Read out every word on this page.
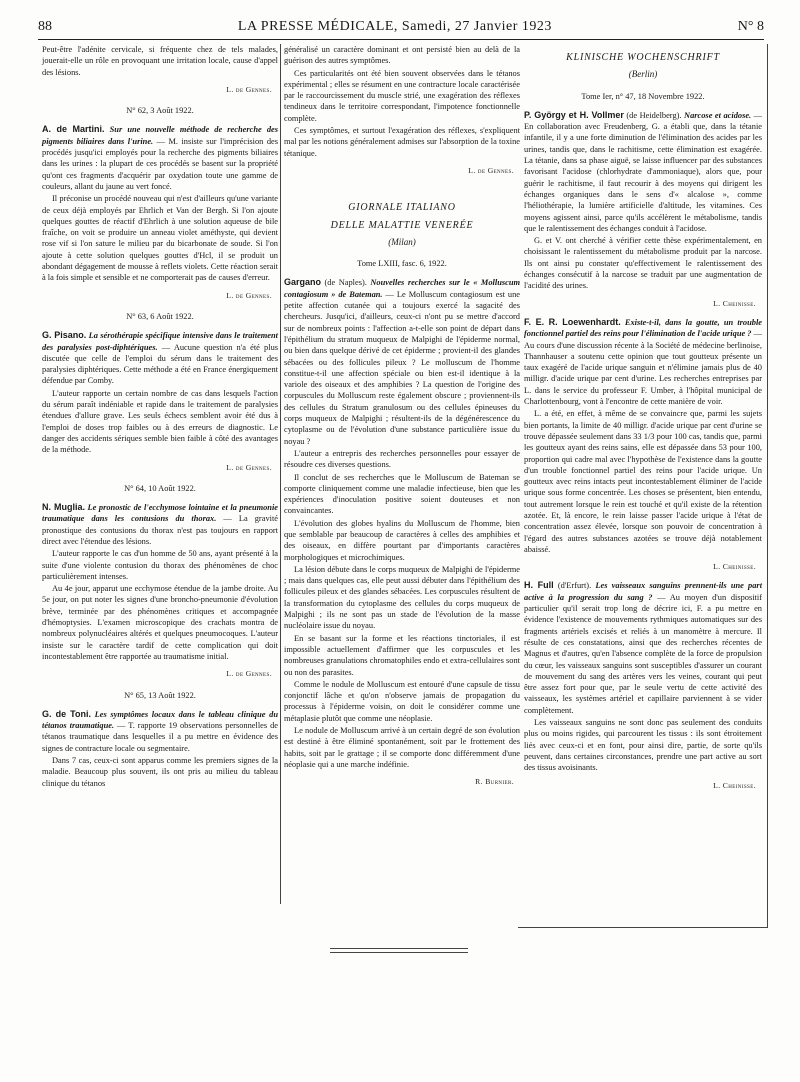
88	LA PRESSE MÉDICALE, Samedi, 27 Janvier 1923	N° 8

Peut-être l'adénite cervicale, si fréquente chez de tels malades, jouerait-elle un rôle en provoquant une irritation locale, cause d'appel des lésions.

L. de Gennes.

N° 62, 3 Août 1922.

A. de Martini. Sur une nouvelle méthode de recherche des pigments biliaires dans l'urine. — M. insiste sur l'imprécision des procédés jusqu'ici employés pour la recherche des pigments biliaires dans les urines : la plupart de ces procédés se basent sur la propriété qu'ont ces fragments d'acquérir par oxydation toute une gamme de couleurs, allant du jaune au vert foncé.

Il préconise un procédé nouveau qui n'est d'ailleurs qu'une variante de ceux déjà employés par Ehrlich et Van der Bergh. Si l'on ajoute quelques gouttes de réactif d'Ehrlich à une solution aqueuse de bile fraîche, on voit se produire un anneau violet améthyste, qui devient rose vif si l'on sature le milieu par du bicarbonate de soude. Si l'on ajoute à cette solution quelques gouttes d'Hcl, il se produit un abondant dégagement de mousse à reflets violets. Cette réaction serait à la fois simple et sensible et ne comporterait pas de causes d'erreur.

L. de Gennes.

N° 63, 6 Août 1922.

G. Pisano. La sérothérapie spécifique intensive dans le traitement des paralysies post-diphtériques. — Aucune question n'a été plus discutée que celle de l'emploi du sérum dans le traitement des paralysies diphtériques. Cette méthode a été en France énergiquement défendue par Comby.

L'auteur rapporte un certain nombre de cas dans lesquels l'action du sérum paraît indéniable et rapide dans le traitement de paralysies étendues d'allure grave. Les seuls échecs semblent avoir été dus à l'emploi de doses trop faibles ou à des erreurs de diagnostic. Le danger des accidents sériques semble bien faible à côté des avantages de la méthode.

L. de Gennes.

N° 64, 10 Août 1922.

N. Muglia. Le pronostic de l'ecchymose lointaine et la pneumonie traumatique dans les contusions du thorax. — La gravité pronostique des contusions du thorax n'est pas toujours en rapport direct avec l'étendue des lésions.

L'auteur rapporte le cas d'un homme de 50 ans, ayant présenté à la suite d'une violente contusion du thorax des phénomènes de choc particulièrement intenses.

Au 4e jour, apparut une ecchymose étendue de la jambe droite. Au 5e jour, on put noter les signes d'une broncho-pneumonie d'évolution brève, terminée par des phénomènes critiques et accompagnée d'hémoptysies. L'examen microscopique des crachats montra de nombreux polynucléaires altérés et quelques pneumocoques. L'auteur insiste sur le caractère tardif de cette complication qui doit incontestablement être rapportée au traumatisme initial.

L. de Gennes.

N° 65, 13 Août 1922.

G. de Toni. Les symptômes locaux dans le tableau clinique du tétanos traumatique. — T. rapporte 19 observations personnelles de tétanos traumatique dans lesquelles il a pu mettre en évidence des signes de contracture locale ou segmentaire.

Dans 7 cas, ceux-ci sont apparus comme les premiers signes de la maladie. Beaucoup plus souvent, ils ont pris au milieu du tableau clinique du tétanos

généralisé un caractère dominant et ont persisté bien au delà de la guérison des autres symptômes.

Ces particularités ont été bien souvent observées dans le tétanos expérimental ; elles se résument en une contracture locale caractérisée par le raccourcissement du muscle strié, une exagération des réflexes tendineux dans le territoire correspondant, l'impotence fonctionnelle complète.

Ces symptômes, et surtout l'exagération des réflexes, s'expliquent mal par les notions généralement admises sur l'absorption de la toxine tétanique.

L. de Gennes.

GIORNALE ITALIANO

DELLE MALATTIE VENERÉE

(Milan)

Tome LXIII, fasc. 6, 1922.

Gargano (de Naples). Nouvelles recherches sur le « Molluscum contagiosum » de Bateman. — Le Molluscum contagiosum est une petite affection cutanée qui a toujours exercé la sagacité des chercheurs. Jusqu'ici, d'ailleurs, ceux-ci n'ont pu se mettre d'accord sur de nombreux points : l'affection a-t-elle son point de départ dans l'épithélium du stratum muqueux de Malpighi de l'épiderme normal, ou bien dans quelque dérivé de cet épiderme ; provient-il des glandes sébacées ou des follicules pileux ? Le molluscum de l'homme constitue-t-il une affection spéciale ou bien est-il identique à la variole des oiseaux et des amphibies ? La question de l'origine des corpuscules du Molluscum reste également obscure ; proviennent-ils des cellules du Stratum granulosum ou des cellules épineuses du corps muqueux de Malpighi ; résultent-ils de la dégénérescence du cytoplasme ou de l'évolution d'une substance particulière issue du noyau ?

L'auteur a entrepris des recherches personnelles pour essayer de résoudre ces diverses questions.

Il conclut de ses recherches que le Molluscum de Bateman se comporte cliniquement comme une maladie infectieuse, bien que les expériences d'inoculation positive soient douteuses et non convaincantes.

L'évolution des globes hyalins du Molluscum de l'homme, bien que semblable par beaucoup de caractères à celles des amphibies et des oiseaux, en diffère pourtant par d'importants caractères morphologiques et microchimiques.

La lésion débute dans le corps muqueux de Malpighi de l'épiderme ; mais dans quelques cas, elle peut aussi débuter dans l'épithélium des follicules pileux et des glandes sébacées. Les corpuscules résultent de la transformation du cytoplasme des cellules du corps muqueux de Malpighi ; ils ne sont pas un stade de l'évolution de la masse nucléolaire issue du noyau.

En se basant sur la forme et les réactions tinctoriales, il est impossible actuellement d'affirmer que les corpuscules et les nombreuses granulations chromatophiles endo et extra-cellulaires sont ou non des parasites.

Comme le nodule de Molluscum est entouré d'une capsule de tissu conjonctif lâche et qu'on n'observe jamais de propagation du processus à l'épiderme voisin, on doit le considérer comme une métaplasie plutôt que comme une néoplasie.

Le nodule de Molluscum arrivé à un certain degré de son évolution est destiné à être éliminé spontanément, soit par le frottement des habits, soit par le grattage ; il se comporte donc différemment d'une néoplasie qui a une marche indéfinie.

R. Burnier.

KLINISCHE WOCHENSCHRIFT

(Berlin)

Tome Ier, n° 47, 18 Novembre 1922.

P. György et H. Vollmer (de Heidelberg). Narcose et acidose. — En collaboration avec Freudenberg, G. a établi que, dans la tétanie infantile, il y a une forte diminution de l'élimination des acides par les urines, tandis que, dans le rachitisme, cette élimination est exagérée. La tétanie, dans sa phase aiguë, se laisse influencer par des substances favorisant l'acidose (chlorhydrate d'ammoniaque), alors que, pour guérir le rachitisme, il faut recourir à des moyens qui dirigent les échanges organiques dans le sens d'« alcalose », comme l'héliothérapie, la lumière artificielle d'altitude, les vitamines. Ces moyens agissent ainsi, parce qu'ils accélèrent le métabolisme, tandis que le ralentissement des échanges conduit à l'acidose.

G. et V. ont cherché à vérifier cette thèse expérimentalement, en choisissant le ralentissement du métabolisme produit par la narcose. Ils ont ainsi pu constater qu'effectivement le ralentissement des échanges consécutif à la narcose se traduit par une augmentation de l'acidité des urines.

L. Cheinisse.

F. E. R. Loewenhardt. Existe-t-il, dans la goutte, un trouble fonctionnel partiel des reins pour l'élimination de l'acide urique ? — Au cours d'une discussion récente à la Société de médecine berlinoise, Thannhauser a soutenu cette opinion que tout goutteux présente un taux exagéré de l'acide urique sanguin et n'élimine jamais plus de 40 milligr. d'acide urique par cent d'urine. Les recherches entreprises par L. dans le service du professeur F. Umber, à l'hôpital municipal de Charlottenbourg, vont à l'encontre de cette manière de voir.

L. a été, en effet, à même de se convaincre que, parmi les sujets bien portants, la limite de 40 milligr. d'acide urique par cent d'urine se trouve dépassée seulement dans 33 1/3 pour 100 cas, tandis que, parmi les goutteux ayant des reins sains, elle est dépassée dans 53 pour 100, proportion qui cadre mal avec l'hypothèse de l'existence dans la goutte d'un trouble fonctionnel partiel des reins pour l'acide urique. Un goutteux avec reins intacts peut incontestablement éliminer de l'acide urique sous forme concentrée. Les choses se présentent, bien entendu, tout autrement lorsque le rein est touché et qu'il existe de la rétention azotée. Et, là encore, le rein laisse passer l'acide urique à l'état de concentration assez élevée, lorsque son pouvoir de concentration à l'égard des autres substances azotées se trouve déjà notablement abaissé.

L. Cheinisse.

H. Full (d'Erfurt). Les vaisseaux sanguins prennent-ils une part active à la progression du sang ? — Au moyen d'un dispositif particulier qu'il serait trop long de décrire ici, F. a pu mettre en évidence l'existence de mouvements rythmiques automatiques sur des fragments artériels excisés et reliés à un manomètre à mercure. Il résulte de ces constatations, ainsi que des recherches récentes de Magnus et d'autres, qu'en l'absence complète de la force de propulsion du cœur, les vaisseaux sanguins sont susceptibles d'assurer un courant de mouvement du sang des artères vers les veines, courant qui peut être assez fort pour que, par le seule vertu de cette activité des vaisseaux, les systèmes artériel et capillaire parviennent à se vider complètement.

Les vaisseaux sanguins ne sont donc pas seulement des conduits plus ou moins rigides, qui parcourent les tissus : ils sont étroitement liés avec ceux-ci et en font, pour ainsi dire, partie, de sorte qu'ils peuvent, dans certaines circonstances, prendre une part active au sort des tissus avoisinants.

L. Cheinisse.
